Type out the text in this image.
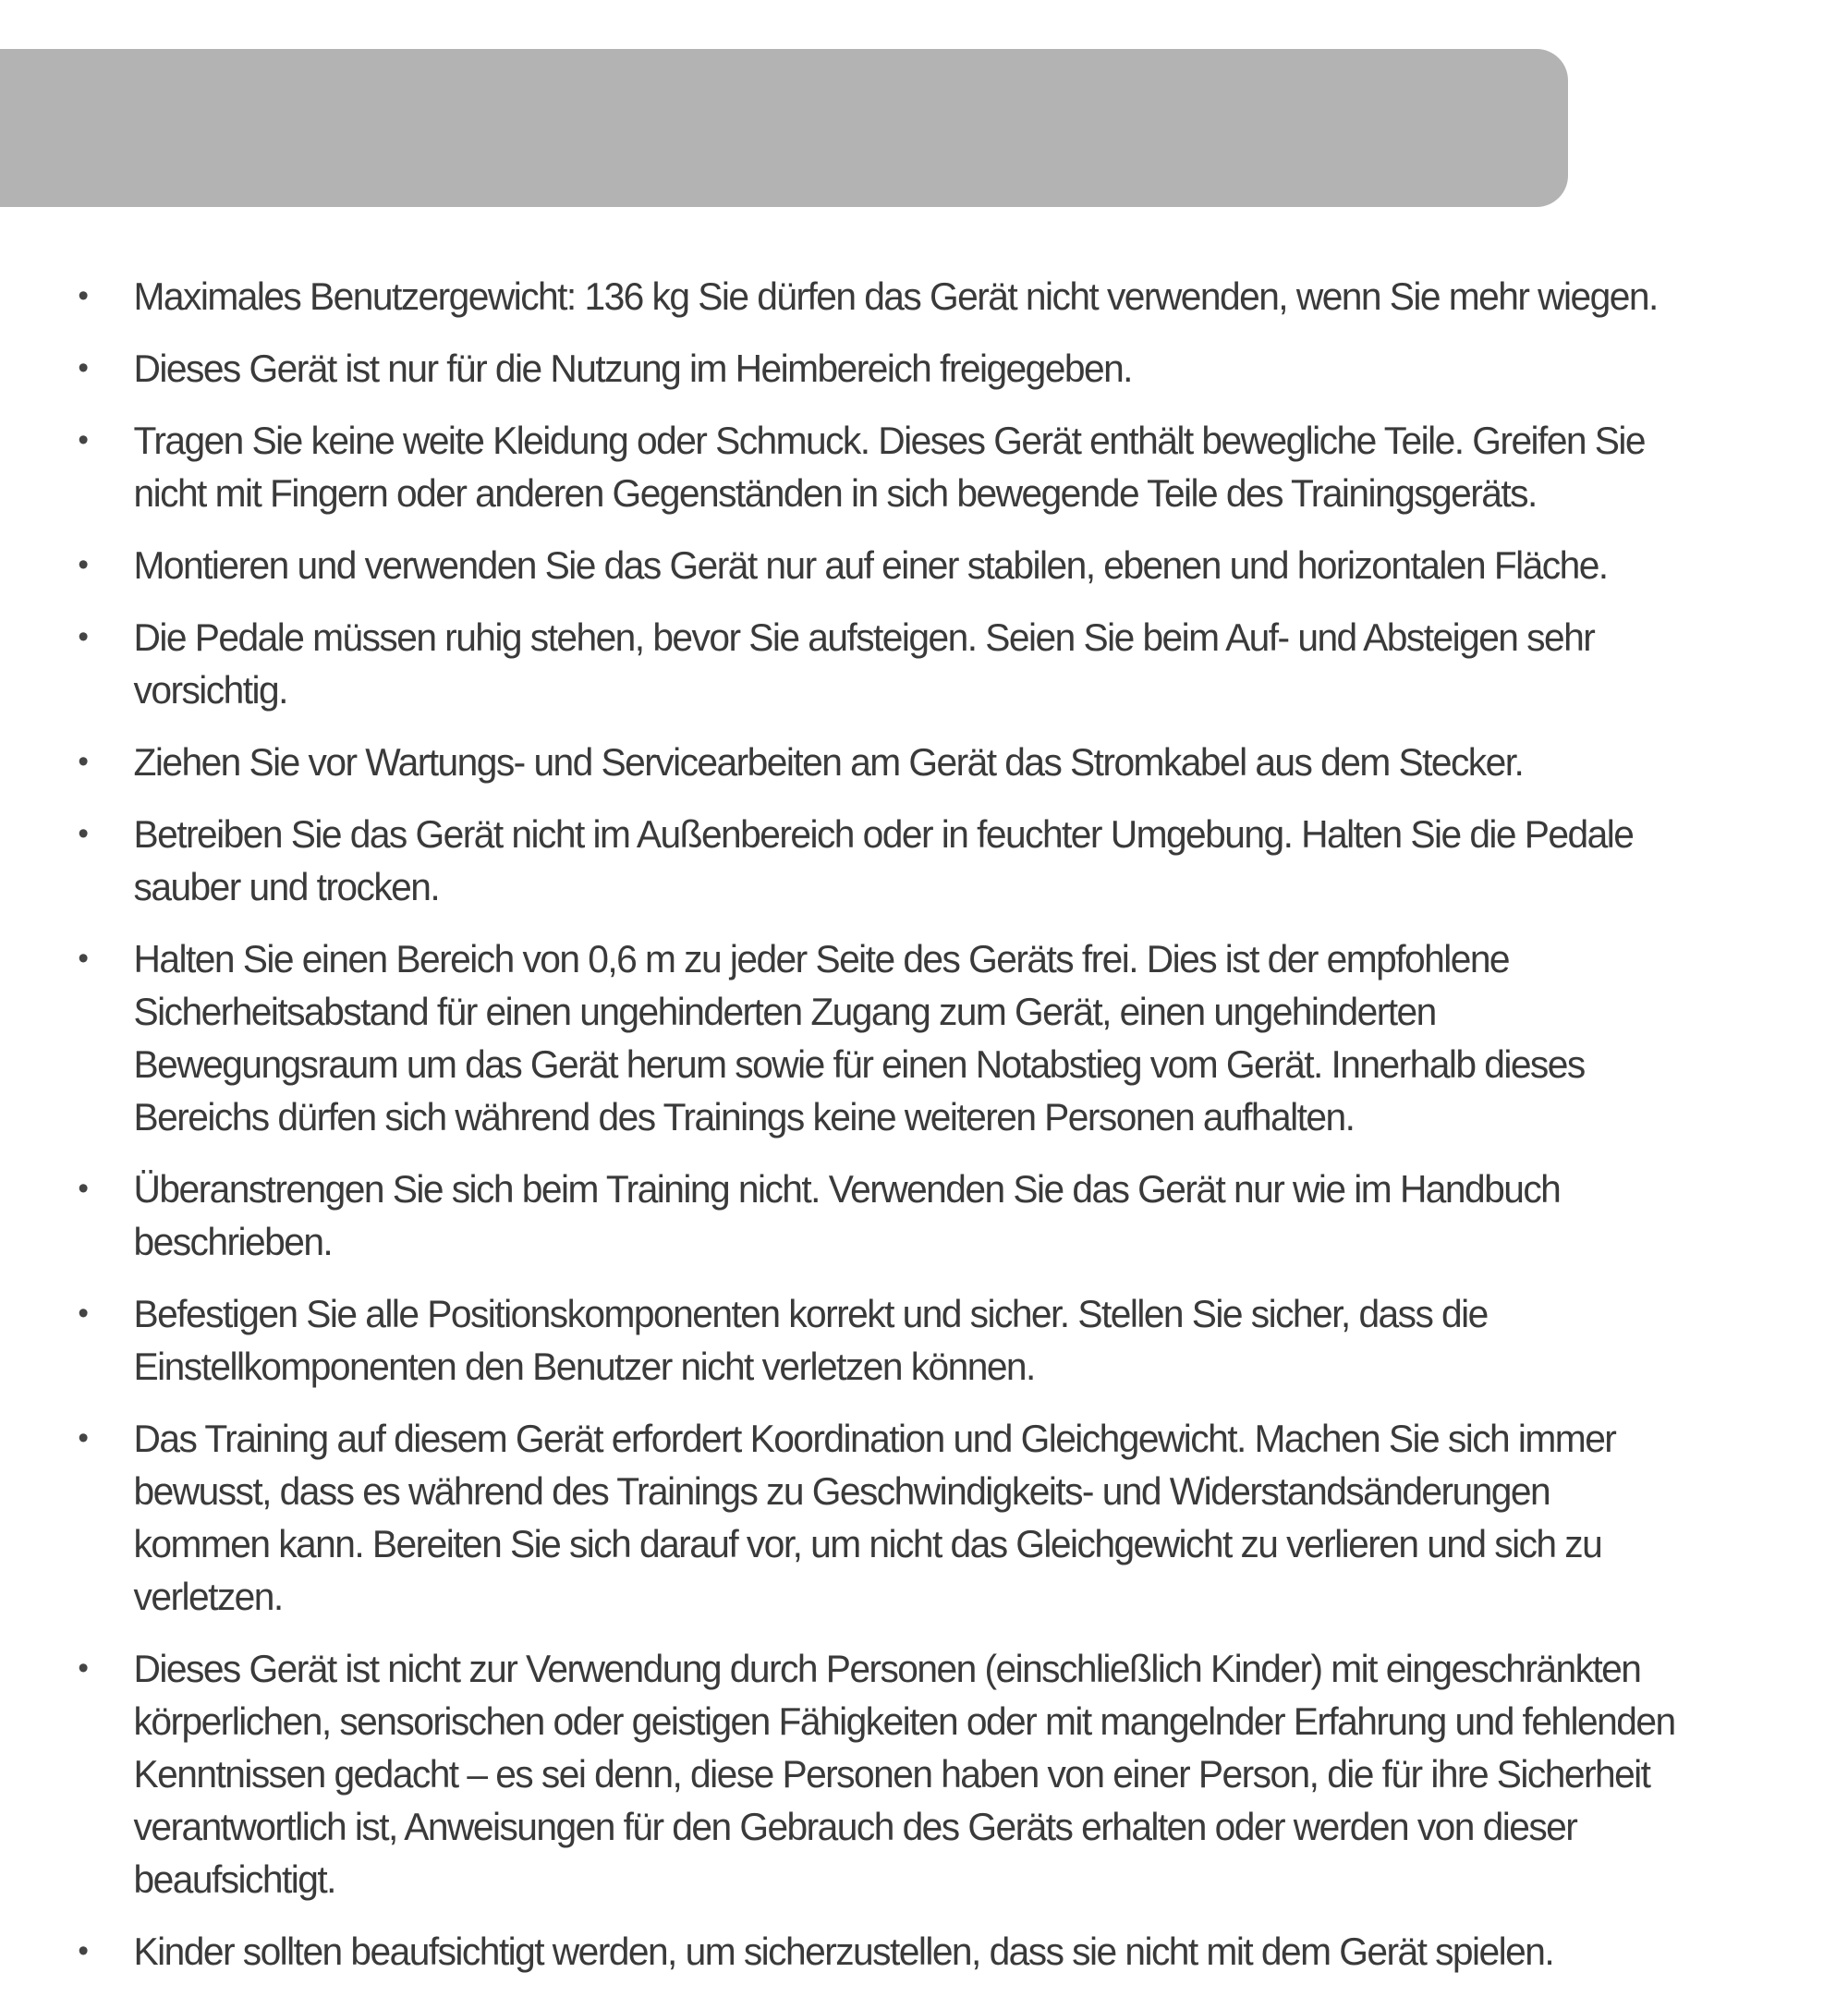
• Maximales Benutzergewicht: 136 kg Sie dürfen das Gerät nicht verwenden, wenn Sie mehr wiegen.
• Dieses Gerät ist nur für die Nutzung im Heimbereich freigegeben.
• Tragen Sie keine weite Kleidung oder Schmuck. Dieses Gerät enthält bewegliche Teile. Greifen Sie nicht mit Fingern oder anderen Gegenständen in sich bewegende Teile des Trainingsgeräts.
• Montieren und verwenden Sie das Gerät nur auf einer stabilen, ebenen und horizontalen Fläche.
• Die Pedale müssen ruhig stehen, bevor Sie aufsteigen. Seien Sie beim Auf- und Absteigen sehr vorsichtig.
• Ziehen Sie vor Wartungs- und Servicearbeiten am Gerät das Stromkabel aus dem Stecker.
• Betreiben Sie das Gerät nicht im Außenbereich oder in feuchter Umgebung. Halten Sie die Pedale sauber und trocken.
• Halten Sie einen Bereich von 0,6 m zu jeder Seite des Geräts frei. Dies ist der empfohlene Sicherheitsabstand für einen ungehinderten Zugang zum Gerät, einen ungehinderten Bewegungsraum um das Gerät herum sowie für einen Notabstieg vom Gerät. Innerhalb dieses Bereichs dürfen sich während des Trainings keine weiteren Personen aufhalten.
• Überanstrengen Sie sich beim Training nicht. Verwenden Sie das Gerät nur wie im Handbuch beschrieben.
• Befestigen Sie alle Positionskomponenten korrekt und sicher. Stellen Sie sicher, dass die Einstellkomponenten den Benutzer nicht verletzen können.
• Das Training auf diesem Gerät erfordert Koordination und Gleichgewicht. Machen Sie sich immer bewusst, dass es während des Trainings zu Geschwindigkeits- und Widerstandsänderungen kommen kann. Bereiten Sie sich darauf vor, um nicht das Gleichgewicht zu verlieren und sich zu verletzen.
• Dieses Gerät ist nicht zur Verwendung durch Personen (einschließlich Kinder) mit eingeschränkten körperlichen, sensorischen oder geistigen Fähigkeiten oder mit mangelnder Erfahrung und fehlenden Kenntnissen gedacht – es sei denn, diese Personen haben von einer Person, die für ihre Sicherheit verantwortlich ist, Anweisungen für den Gebrauch des Geräts erhalten oder werden von dieser beaufsichtigt.
• Kinder sollten beaufsichtigt werden, um sicherzustellen, dass sie nicht mit dem Gerät spielen.
